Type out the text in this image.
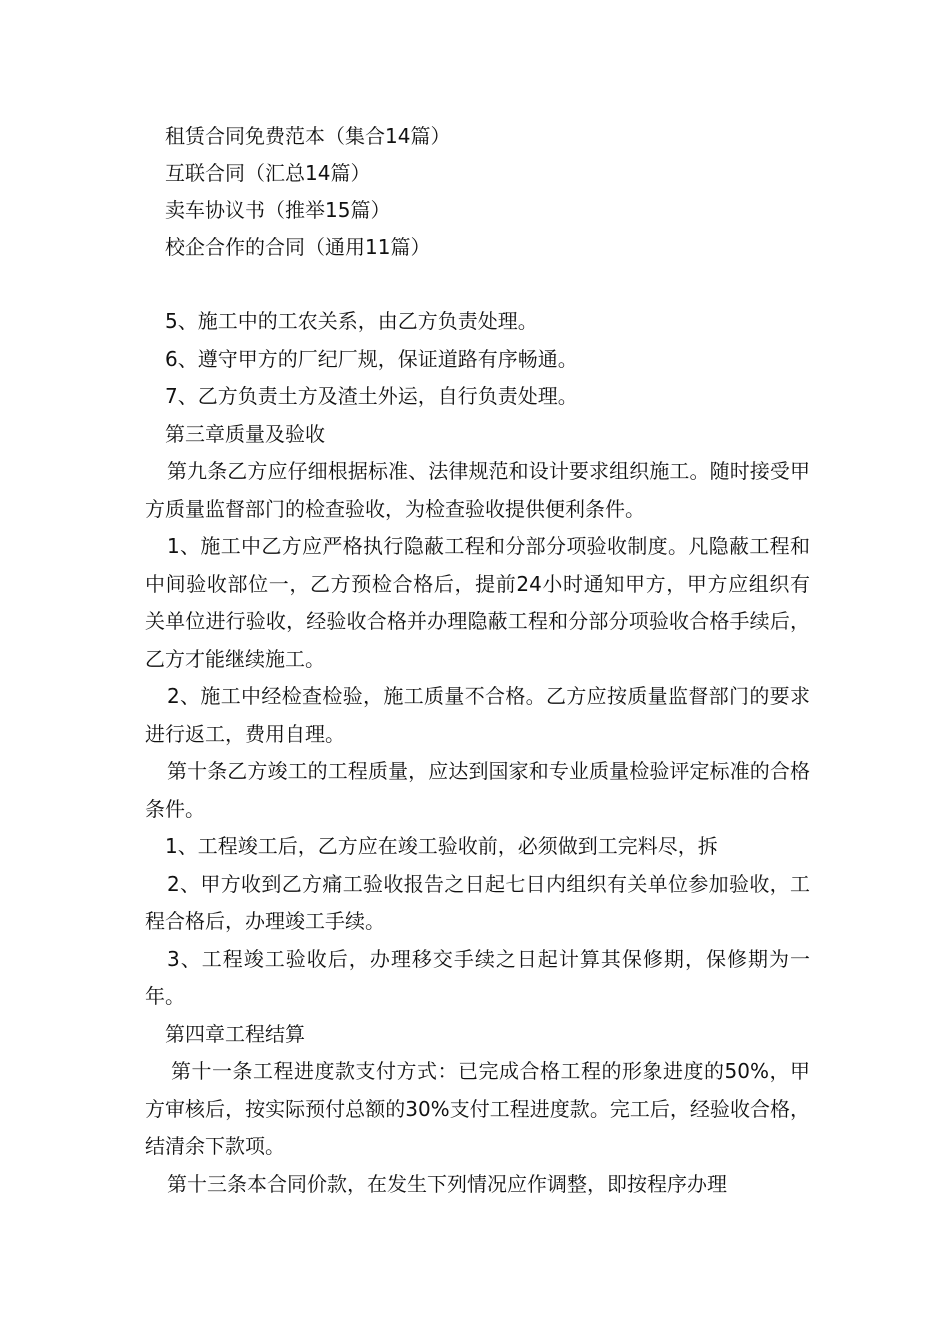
租赁合同免费范本（集合14篇）
互联合同（汇总14篇）
卖车协议书（推举15篇）
校企合作的合同（通用11篇）

5、施工中的工农关系，由乙方负责处理。

6、遵守甲方的厂纪厂规，保证道路有序畅通。

7、乙方负责土方及渣土外运，自行负责处理。

第三章质量及验收

第九条乙方应仔细根据标准、法律规范和设计要求组织施工。随时接受甲方质量监督部门的检查验收，为检查验收提供便利条件。

1、施工中乙方应严格执行隐蔽工程和分部分项验收制度。凡隐蔽工程和中间验收部位一，乙方预检合格后，提前24小时通知甲方，甲方应组织有关单位进行验收，经验收合格并办理隐蔽工程和分部分项验收合格手续后，乙方才能继续施工。

2、施工中经检查检验，施工质量不合格。乙方应按质量监督部门的要求进行返工，费用自理。

第十条乙方竣工的工程质量，应达到国家和专业质量检验评定标准的合格条件。

1、工程竣工后，乙方应在竣工验收前，必须做到工完料尽，拆

2、甲方收到乙方痛工验收报告之日起七日内组织有关单位参加验收，工程合格后，办理竣工手续。

3、工程竣工验收后，办理移交手续之日起计算其保修期，保修期为一年。

第四章工程结算

第十一条工程进度款支付方式：已完成合格工程的形象进度的50%，甲方审核后，按实际预付总额的30%支付工程进度款。完工后，经验收合格，结清余下款项。

第十三条本合同价款，在发生下列情况应作调整，即按程序办理
